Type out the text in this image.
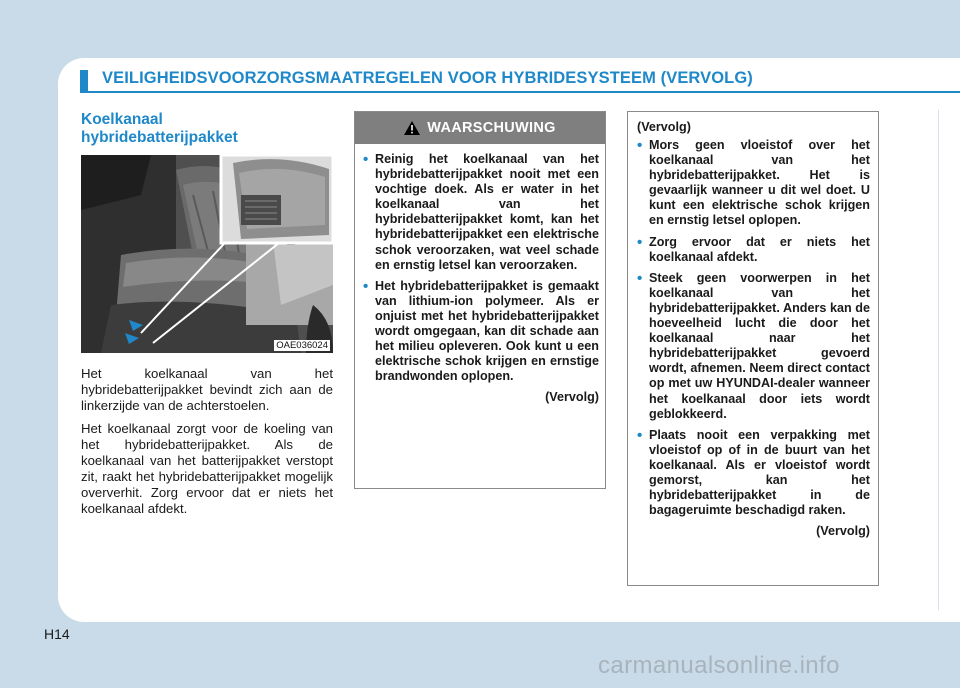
VEILIGHEIDSVOORZORGSMAATREGELEN VOOR HYBRIDESYSTEEM (VERVOLG)
Koelkanaal
hybridebatterijpakket
OAE036024

Het koelkanaal van het hybridebatterijpakket bevindt zich aan de linkerzijde van de achterstoelen.

Het koelkanaal zorgt voor de koeling van het hybridebatterijpakket. Als de koelkanaal van het batterijpakket verstopt zit, raakt het hybridebatterijpakket mogelijk oververhit. Zorg ervoor dat er niets het koelkanaal afdekt.

WAARSCHUWING
• Reinig het koelkanaal van het hybridebatterijpakket nooit met een vochtige doek. Als er water in het koelkanaal van het hybridebatterijpakket komt, kan het hybridebatterijpakket een elektrische schok veroorzaken, wat veel schade en ernstig letsel kan veroorzaken.
• Het hybridebatterijpakket is gemaakt van lithium-ion polymeer. Als er onjuist met het hybridebatterijpakket wordt omgegaan, kan dit schade aan het milieu opleveren. Ook kunt u een elektrische schok krijgen en ernstige brandwonden oplopen.
(Vervolg)
(Vervolg)
• Mors geen vloeistof over het koelkanaal van het hybridebatterijpakket. Het is gevaarlijk wanneer u dit wel doet. U kunt een elektrische schok krijgen en ernstig letsel oplopen.
• Zorg ervoor dat er niets het koelkanaal afdekt.
• Steek geen voorwerpen in het koelkanaal van het hybridebatterijpakket. Anders kan de hoeveelheid lucht die door het koelkanaal naar het hybridebatterijpakket gevoerd wordt, afnemen. Neem direct contact op met uw HYUNDAI-dealer wanneer het koelkanaal door iets wordt geblokkeerd.
• Plaats nooit een verpakking met vloeistof op of in de buurt van het koelkanaal. Als er vloeistof wordt gemorst, kan het hybridebatterijpakket in de bagageruimte beschadigd raken.
(Vervolg)
H14
carmanualsonline.info
